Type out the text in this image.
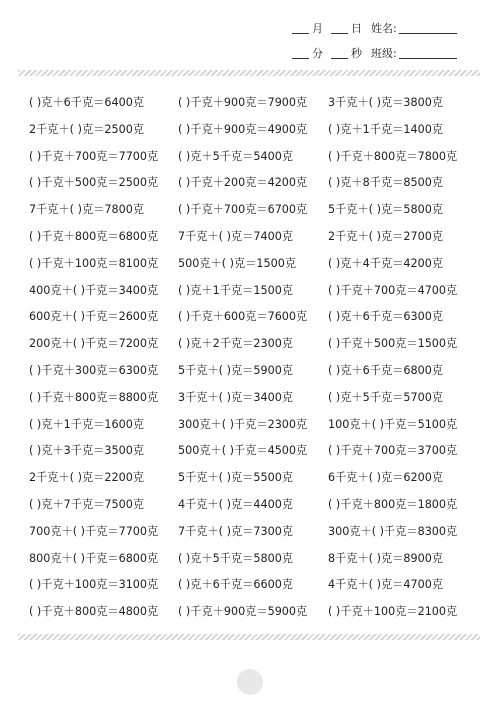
月	日 姓名:
分	秒 班级:
( )克＋6千克＝6400克	( )千克＋900克＝7900克 3千克＋( )克＝3800克
2千克＋( )克＝2500克	( )千克＋900克＝4900克 ( )克＋1千克＝1400克
( )千克＋700克＝7700克 ( )克＋5千克＝5400克	( )千克＋800克＝7800克
( )千克＋500克＝2500克 ( )千克＋200克＝4200克 ( )克＋8千克＝8500克
7千克＋( )克＝7800克	( )千克＋700克＝6700克 5千克＋( )克＝5800克
( )千克＋800克＝6800克 7千克＋( )克＝7400克	2千克＋( )克＝2700克
( )千克＋100克＝8100克 500克＋( )克＝1500克	( )克＋4千克＝4200克
400克＋( )千克＝3400克 ( )克＋1千克＝1500克	( )千克＋700克＝4700克
600克＋( )千克＝2600克 ( )千克＋600克＝7600克 ( )克＋6千克＝6300克
200克＋( )千克＝7200克 ( )克＋2千克＝2300克	( )千克＋500克＝1500克
( )千克＋300克＝6300克 5千克＋( )克＝5900克	( )克＋6千克＝6800克
( )千克＋800克＝8800克 3千克＋( )克＝3400克	( )克＋5千克＝5700克
( )克＋1千克＝1600克	300克＋( )千克＝2300克 100克＋( )千克＝5100克
( )克＋3千克＝3500克	500克＋( )千克＝4500克 ( )千克＋700克＝3700克
2千克＋( )克＝2200克	5千克＋( )克＝5500克	6千克＋( )克＝6200克
( )克＋7千克＝7500克	4千克＋( )克＝4400克	( )千克＋800克＝1800克
700克＋( )千克＝7700克 7千克＋( )克＝7300克	300克＋( )千克＝8300克
800克＋( )千克＝6800克 ( )克＋5千克＝5800克	8千克＋( )克＝8900克
( )千克＋100克＝3100克 ( )克＋6千克＝6600克	4千克＋( )克＝4700克
( )千克＋800克＝4800克 ( )千克＋900克＝5900克 ( )千克＋100克＝2100克
